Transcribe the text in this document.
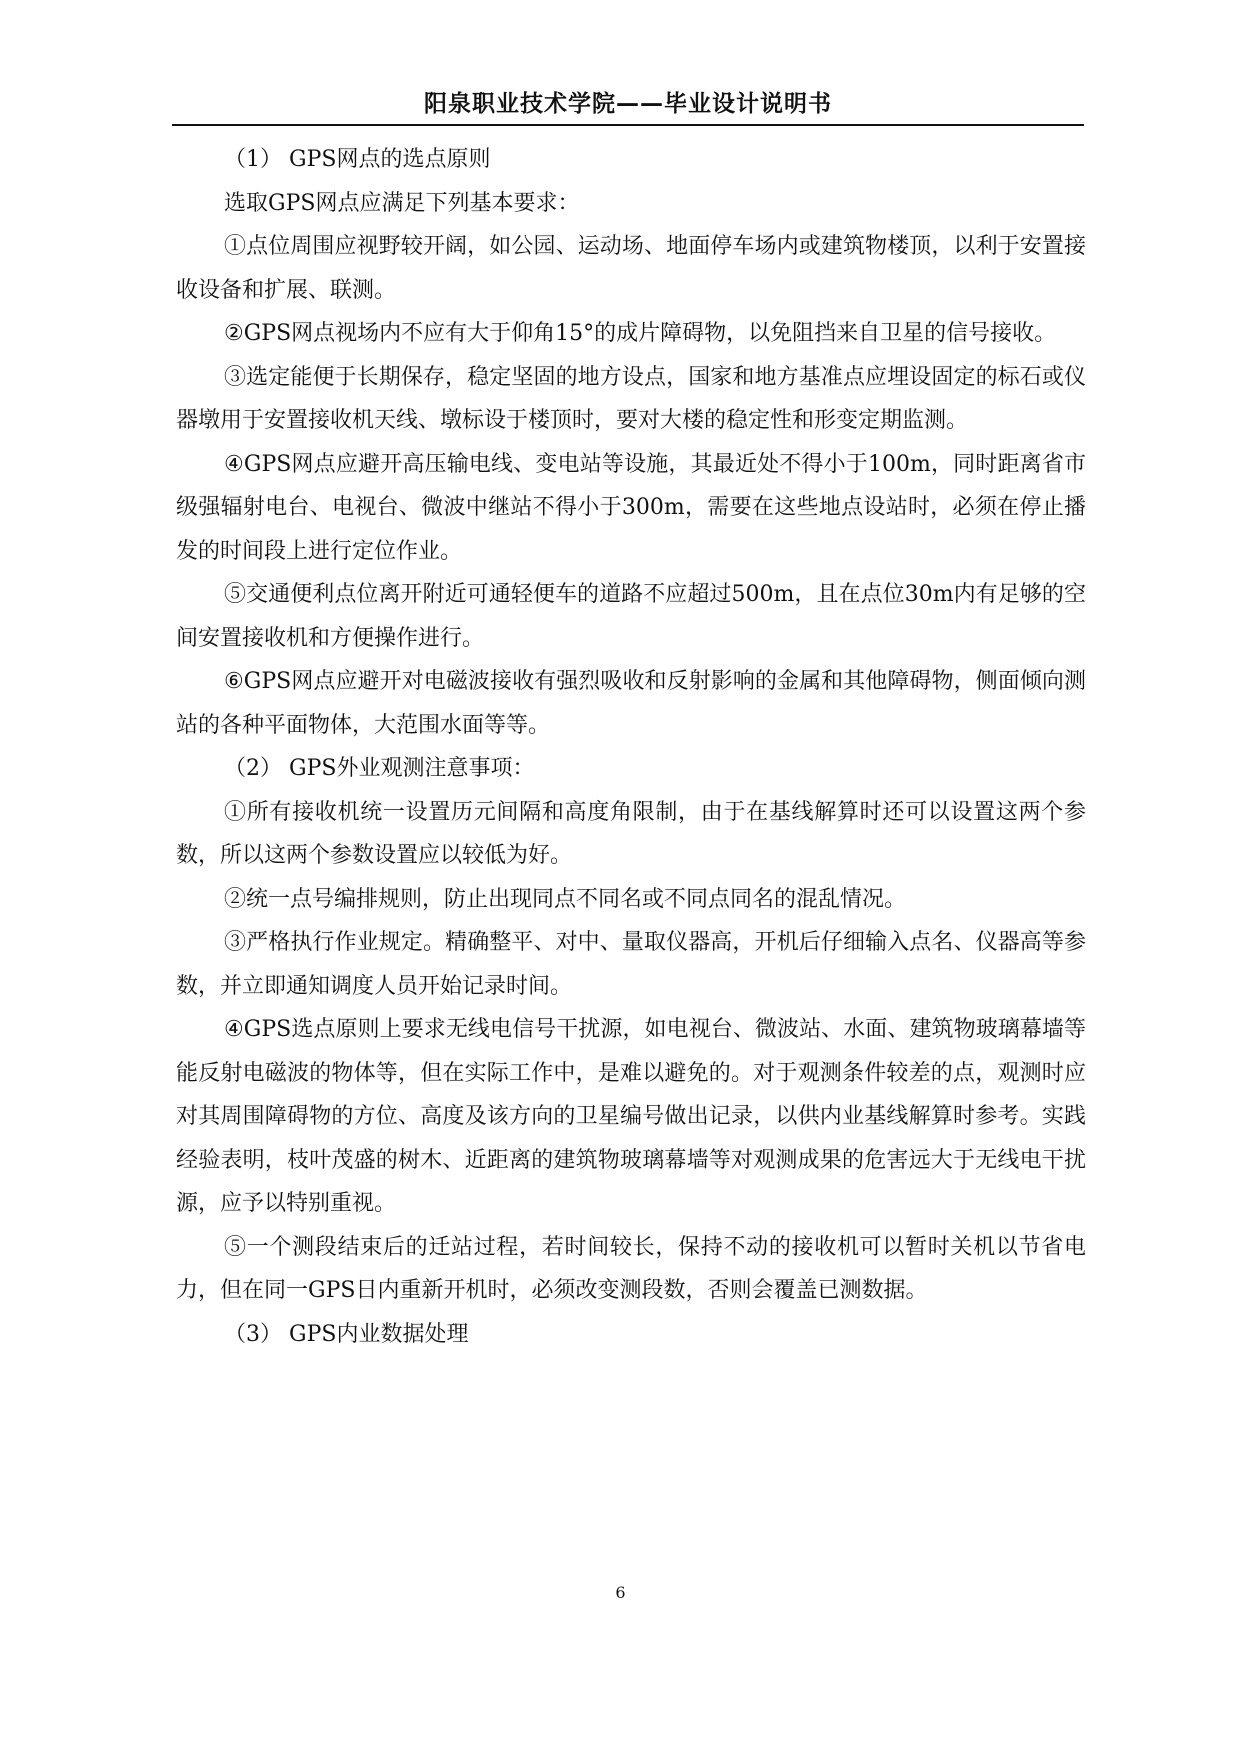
阳泉职业技术学院——毕业设计说明书

（1） GPS网点的选点原则

选取GPS网点应满足下列基本要求：

①点位周围应视野较开阔，如公园、运动场、地面停车场内或建筑物楼顶，以利于安置接收设备和扩展、联测。

②GPS网点视场内不应有大于仰角15°的成片障碍物，以免阻挡来自卫星的信号接收。

③选定能便于长期保存，稳定坚固的地方设点，国家和地方基准点应埋设固定的标石或仪器墩用于安置接收机天线、墩标设于楼顶时，要对大楼的稳定性和形变定期监测。

④GPS网点应避开高压输电线、变电站等设施，其最近处不得小于100m，同时距离省市级强辐射电台、电视台、微波中继站不得小于300m，需要在这些地点设站时，必须在停止播发的时间段上进行定位作业。

⑤交通便利点位离开附近可通轻便车的道路不应超过500m，且在点位30m内有足够的空间安置接收机和方便操作进行。

⑥GPS网点应避开对电磁波接收有强烈吸收和反射影响的金属和其他障碍物，侧面倾向测站的各种平面物体，大范围水面等等。

（2） GPS外业观测注意事项：

①所有接收机统一设置历元间隔和高度角限制，由于在基线解算时还可以设置这两个参数，所以这两个参数设置应以较低为好。

②统一点号编排规则，防止出现同点不同名或不同点同名的混乱情况。

③严格执行作业规定。精确整平、对中、量取仪器高，开机后仔细输入点名、仪器高等参数，并立即通知调度人员开始记录时间。

④GPS选点原则上要求无线电信号干扰源，如电视台、微波站、水面、建筑物玻璃幕墙等能反射电磁波的物体等，但在实际工作中，是难以避免的。对于观测条件较差的点，观测时应对其周围障碍物的方位、高度及该方向的卫星编号做出记录，以供内业基线解算时参考。实践经验表明，枝叶茂盛的树木、近距离的建筑物玻璃幕墙等对观测成果的危害远大于无线电干扰源，应予以特别重视。

⑤一个测段结束后的迁站过程，若时间较长，保持不动的接收机可以暂时关机以节省电力，但在同一GPS日内重新开机时，必须改变测段数，否则会覆盖已测数据。

（3） GPS内业数据处理

6
